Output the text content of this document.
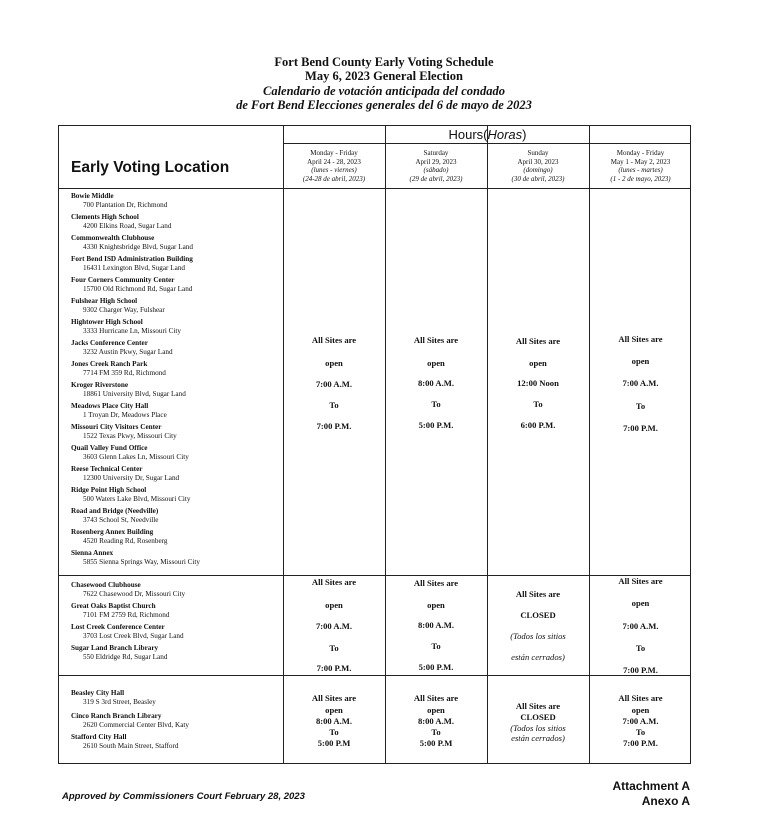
Fort Bend County Early Voting Schedule
May 6, 2023 General Election
Calendario de votación anticipada del condado
de Fort Bend Elecciones generales del 6 de mayo de 2023
Hours(Horas)
Early Voting Location
Monday - Friday
April 24 - 28, 2023
(lunes - viernes)
(24-28 de abril, 2023)
Saturday
April 29, 2023
(sábado)
(29 de abril, 2023)
Sunday
April 30, 2023
(domingo)
(30 de abril, 2023)
Monday - Friday
May 1 - May 2, 2023
(lunes - martes)
(1 - 2 de mayo, 2023)
Bowie Middle
700 Plantation Dr, Richmond
Clements High School
4200 Elkins Road, Sugar Land
Commonwealth Clubhouse
4330 Knightsbridge Blvd, Sugar Land
Fort Bend ISD Administration Building
16431 Lexington Blvd, Sugar Land
Four Corners Community Center
15700 Old Richmond Rd, Sugar Land
Fulshear High School
9302 Charger Way, Fulshear
Hightower High School
3333 Hurricane Ln, Missouri City
Jacks Conference Center
3232 Austin Pkwy, Sugar Land
Jones Creek Ranch Park
7714 FM 359 Rd, Richmond
Kroger Riverstone
18861 University Blvd, Sugar Land
Meadows Place City Hall
1 Troyan Dr, Meadows Place
Missouri City Visitors Center
1522 Texas Pkwy, Missouri City
Quail Valley Fund Office
3603 Glenn Lakes Ln, Missouri City
Reese Technical Center
12300 University Dr, Sugar Land
Ridge Point High School
500 Waters Lake Blvd, Missouri City
Road and Bridge (Needville)
3743 School St, Needville
Rosenberg Annex Building
4520 Reading Rd, Rosenberg
Sienna Annex
5855 Sienna Springs Way, Missouri City
All Sites are
open
7:00 A.M.
To
7:00 P.M.
All Sites are
open
8:00 A.M.
To
5:00 P.M.
All Sites are
open
12:00 Noon
To
6:00 P.M.
All Sites are
open
7:00 A.M.
To
7:00 P.M.
Chasewood Clubhouse
7622 Chasewood Dr, Missouri City
Great Oaks Baptist Church
7101 FM 2759 Rd, Richmond
Lost Creek Conference Center
3703 Lost Creek Blvd, Sugar Land
Sugar Land Branch Library
550 Eldridge Rd, Sugar Land
All Sites are
open
7:00 A.M.
To
7:00 P.M.
All Sites are
open
8:00 A.M.
To
5:00 P.M.
All Sites are
CLOSED
(Todos los sitios
están cerrados)
All Sites are
open
7:00 A.M.
To
7:00 P.M.
Beasley City Hall
319 S 3rd Street, Beasley
Cinco Ranch Branch Library
2620 Commercial Center Blvd, Katy
Stafford City Hall
2610 South Main Street, Stafford
All Sites are
open
8:00 A.M.
To
5:00 P.M
All Sites are
open
8:00 A.M.
To
5:00 P.M
All Sites are
CLOSED
(Todos los sitios
están cerrados)
All Sites are
open
7:00 A.M.
To
7:00 P.M.
Approved by Commissioners Court February 28, 2023
Attachment A
Anexo A
